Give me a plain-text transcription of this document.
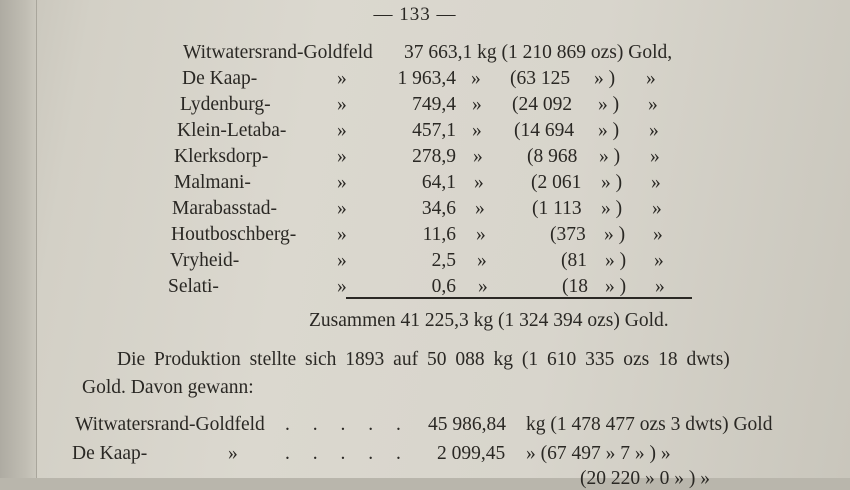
— 133 —
Witwatersrand-Goldfeld 37 663,1 kg (1 210 869 ozs) Gold,
De Kaap-	»	1 963,4 » (63 125 » ) »
Lydenburg-	»	749,4 » (24 092 » ) »
Klein-Letaba-	»	457,1 » (14 694 » ) »
Klerksdorp-	»	278,9 » (8 968 » ) »
Malmani-	»	64,1 » (2 061 » ) »
Marabasstad-	»	34,6 » (1 113 » ) »
Houtboschberg- »	11,6 »	(373 » ) »
Vryheid-	»	2,5 »	(81 » ) »
Selati-	»	0,6 »	(18 » ) »
Zusammen 41 225,3 kg (1 324 394 ozs) Gold.
Die Produktion stellte sich 1893 auf 50 088 kg (1 610 335 ozs 18 dwts)
Gold. Davon gewann:
Witwatersrand-Goldfeld . . . . . 45 986,84 kg (1 478 477 ozs 3 dwts) Gold
De Kaap-	» . . . . . 2 099,45 » (67 497 » 7 » ) »
(20 220 » 0 » ) »
